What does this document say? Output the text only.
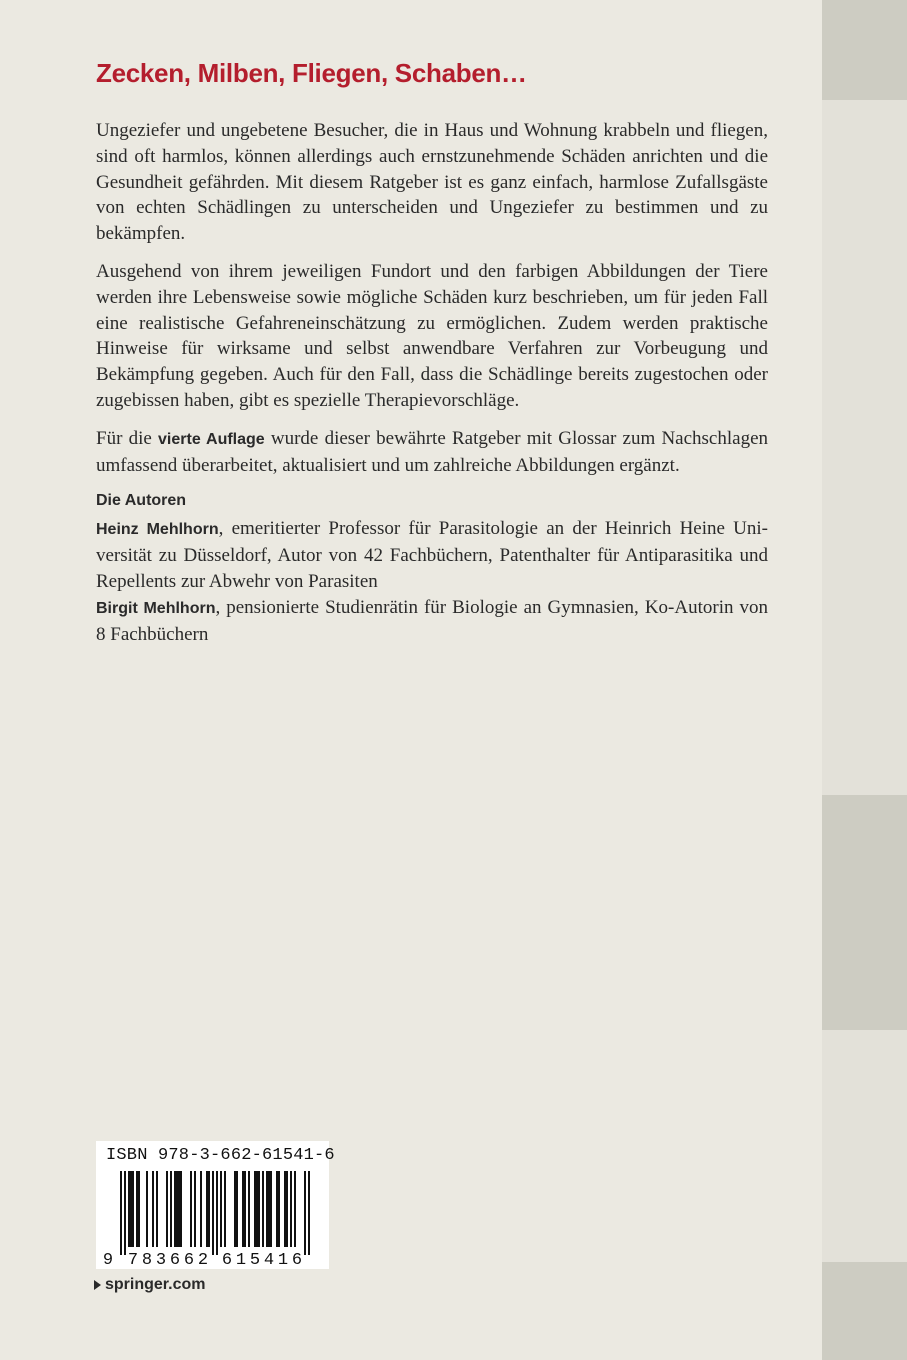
Zecken, Milben, Fliegen, Schaben…

Ungeziefer und ungebetene Besucher, die in Haus und Wohnung krabbeln und fliegen, sind oft harmlos, können allerdings auch ernstzunehmende Schäden anrichten und die Gesundheit gefährden. Mit diesem Ratgeber ist es ganz einfach, harmlose Zufallsgäste von echten Schädlingen zu unterscheiden und Ungeziefer zu bestimmen und zu bekämpfen.

Ausgehend von ihrem jeweiligen Fundort und den farbigen Abbildungen der Tiere werden ihre Lebensweise sowie mögliche Schäden kurz beschrieben, um für jeden Fall eine realistische Gefahreneinschätzung zu ermöglichen. Zudem werden praktische Hinweise für wirksame und selbst anwendbare Verfahren zur Vorbeugung und Bekämpfung gegeben. Auch für den Fall, dass die Schädlinge bereits zugestochen oder zugebissen haben, gibt es spezielle Therapievorschläge.

Für die vierte Auflage wurde dieser bewährte Ratgeber mit Glossar zum Nachschlagen umfassend überarbeitet, aktualisiert und um zahlreiche Abbildungen ergänzt.

Die Autoren

Heinz Mehlhorn, emeritierter Professor für Parasitologie an der Heinrich Heine Universität zu Düsseldorf, Autor von 42 Fachbüchern, Patenthalter für Antiparasitika und Repellents zur Abwehr von Parasiten

Birgit Mehlhorn, pensionierte Studienrätin für Biologie an Gymnasien, Ko-Autorin von 8 Fachbüchern

ISBN 978-3-662-61541-6
9 7 8 3 6 6 2 6 1 5 4 1 6
springer.com
